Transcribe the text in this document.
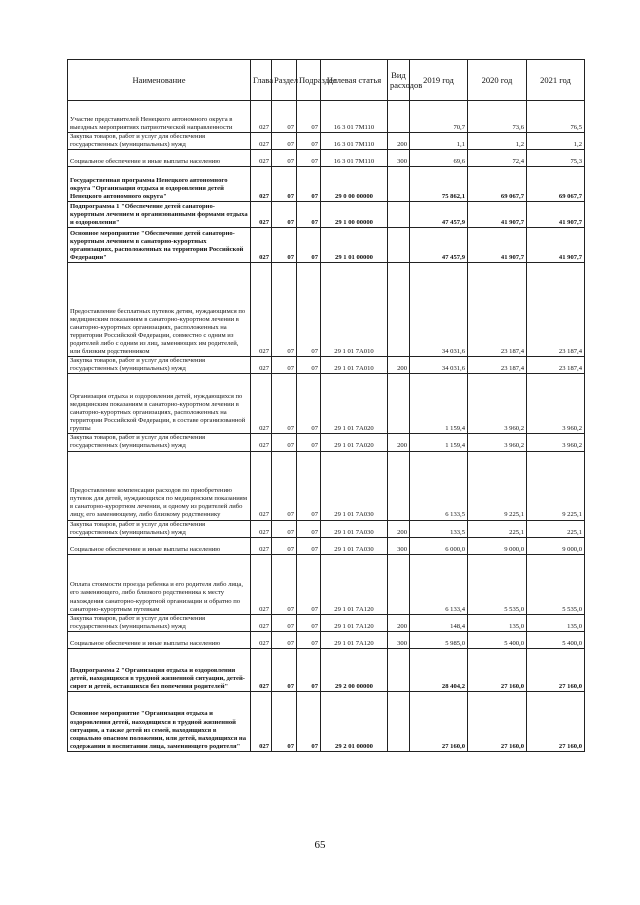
Наименование	Глава	Раздел	Подраздел	Целевая статья	Вид расходов	2019 год	2020 год	2021 год
Участие представителей Ненецкого автономного округа в выездных мероприятиях патриотической направленности	027	07	07	16 3 01 7М110		70,7	73,6	76,5
Закупка товаров, работ и услуг для обеспечения государственных (муниципальных) нужд	027	07	07	16 3 01 7М110	200	1,1	1,2	1,2
Социальное обеспечение и иные выплаты населению	027	07	07	16 3 01 7М110	300	69,6	72,4	75,3
Государственная программа Ненецкого автономного округа "Организация отдыха и оздоровления детей Ненецкого автономного округа"	027	07	07	29 0 00 00000		75 862,1	69 067,7	69 067,7
Подпрограмма 1 "Обеспечение детей санаторно-курортным лечением и организованными формами отдыха и оздоровления"	027	07	07	29 1 00 00000		47 457,9	41 907,7	41 907,7
Основное мероприятие "Обеспечение детей санаторно-курортным лечением в санаторно-курортных организациях, расположенных на территории Российской Федерации"	027	07	07	29 1 01 00000		47 457,9	41 907,7	41 907,7
Предоставление бесплатных путевок детям, нуждающимся по медицинским показаниям в санаторно-курортном лечении в санаторно-курортных организациях, расположенных на территории Российской Федерации, совместно с одним из родителей либо с одним из лиц, заменяющих им родителей, или близким родственником	027	07	07	29 1 01 7А010		34 031,6	23 187,4	23 187,4
Закупка товаров, работ и услуг для обеспечения государственных (муниципальных) нужд	027	07	07	29 1 01 7А010	200	34 031,6	23 187,4	23 187,4
Организация отдыха и оздоровления детей, нуждающихся по медицинским показаниям в санаторно-курортном лечении в санаторно-курортных организациях, расположенных на территории Российской Федерации, в составе организованной группы	027	07	07	29 1 01 7А020		1 159,4	3 960,2	3 960,2
Закупка товаров, работ и услуг для обеспечения государственных (муниципальных) нужд	027	07	07	29 1 01 7А020	200	1 159,4	3 960,2	3 960,2
Предоставление компенсации расходов по приобретению путевок для детей, нуждающихся по медицинским показаниям в санаторно-курортном лечении, и одному из родителей либо лицу, его заменяющему, либо близкому родственнику	027	07	07	29 1 01 7А030		6 133,5	9 225,1	9 225,1
Закупка товаров, работ и услуг для обеспечения государственных (муниципальных) нужд	027	07	07	29 1 01 7А030	200	133,5	225,1	225,1
Социальное обеспечение и иные выплаты населению	027	07	07	29 1 01 7А030	300	6 000,0	9 000,0	9 000,0
Оплата стоимости проезда ребенка и его родителя либо лица, его заменяющего, либо близкого родственника к месту нахождения санаторно-курортной организации и обратно по санаторно-курортным путевкам	027	07	07	29 1 01 7А120		6 133,4	5 535,0	5 535,0
Закупка товаров, работ и услуг для обеспечения государственных (муниципальных) нужд	027	07	07	29 1 01 7А120	200	148,4	135,0	135,0
Социальное обеспечение и иные выплаты населению	027	07	07	29 1 01 7А120	300	5 985,0	5 400,0	5 400,0
Подпрограмма 2 "Организация отдыха и оздоровления детей, находящихся в трудной жизненной ситуации, детей-сирот и детей, оставшихся без попечения родителей"	027	07	07	29 2 00 00000		28 404,2	27 160,0	27 160,0
Основное мероприятие "Организация отдыха и оздоровления детей, находящихся в трудной жизненной ситуации, а также детей из семей, находящихся в социально опасном положении, или детей, находящихся на содержании в воспитании лица, заменяющего родителя"	027	07	07	29 2 01 00000		27 160,0	27 160,0	27 160,0
65
